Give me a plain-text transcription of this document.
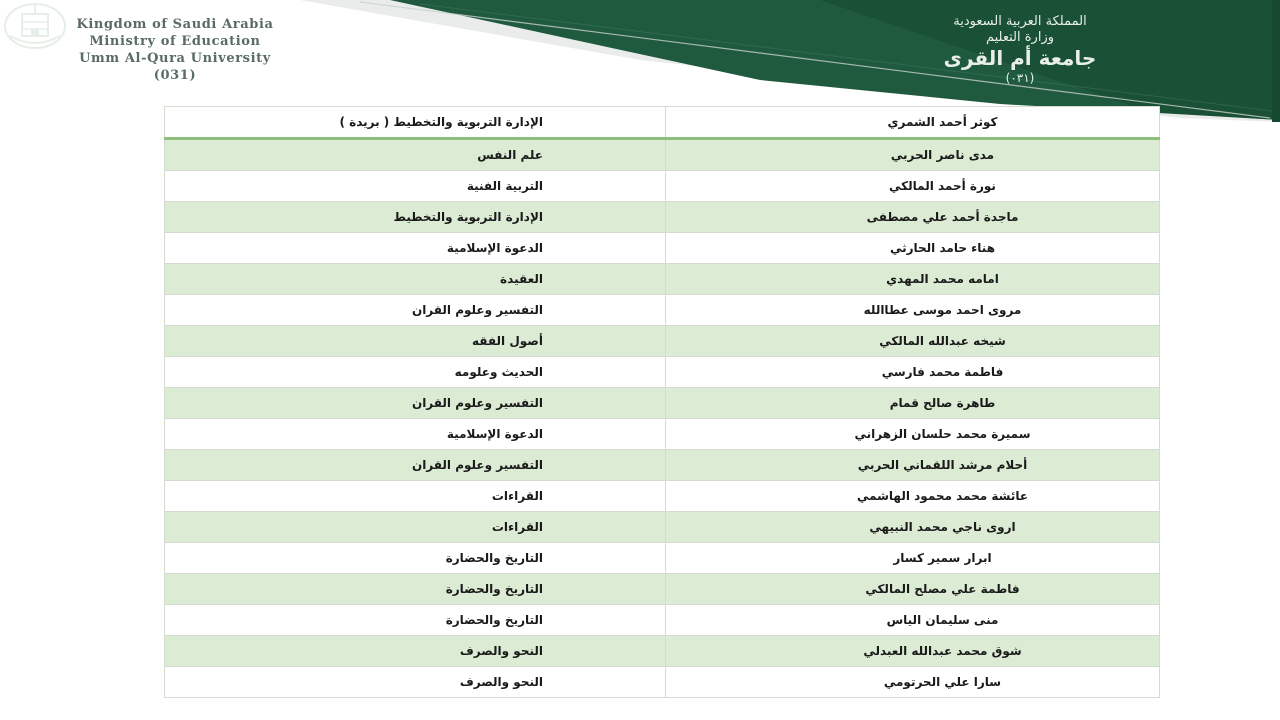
Kingdom of Saudi Arabia
Ministry of Education
Umm Al-Qura University
(031)
المملكة العربية السعودية
وزارة التعليم
جامعة أم القرى
(٠٣١)
كوثر أحمد الشمري	الإدارة التربوية والتخطيط ( بريدة )
مدى ناصر الحربي	علم النفس
نورة أحمد المالكي	التربية الفنية
ماجدة أحمد علي مصطفى	الإدارة التربوية والتخطيط
هناء حامد الحارثي	الدعوة الإسلامية
امامه محمد المهدي	العقيدة
مروى احمد موسى عطاالله	التفسير وعلوم القران
شيخه عبدالله المالكي	أصول الفقه
فاطمة محمد فارسي	الحديث وعلومه
طاهرة صالح قمام	التفسير وعلوم القران
سميرة محمد حلسان الزهراني	الدعوة الإسلامية
أحلام مرشد اللقماني الحربي	التفسير وعلوم القران
عائشة محمد محمود الهاشمي	القراءات
اروى ناجي محمد النبيهي	القراءات
ابرار سمير كسار	التاريخ والحضارة
فاطمة علي مصلح المالكي	التاريخ والحضارة
منى سليمان الياس	التاريخ والحضارة
شوق محمد عبدالله العبدلي	النحو والصرف
سارا علي الحرتومي	النحو والصرف
